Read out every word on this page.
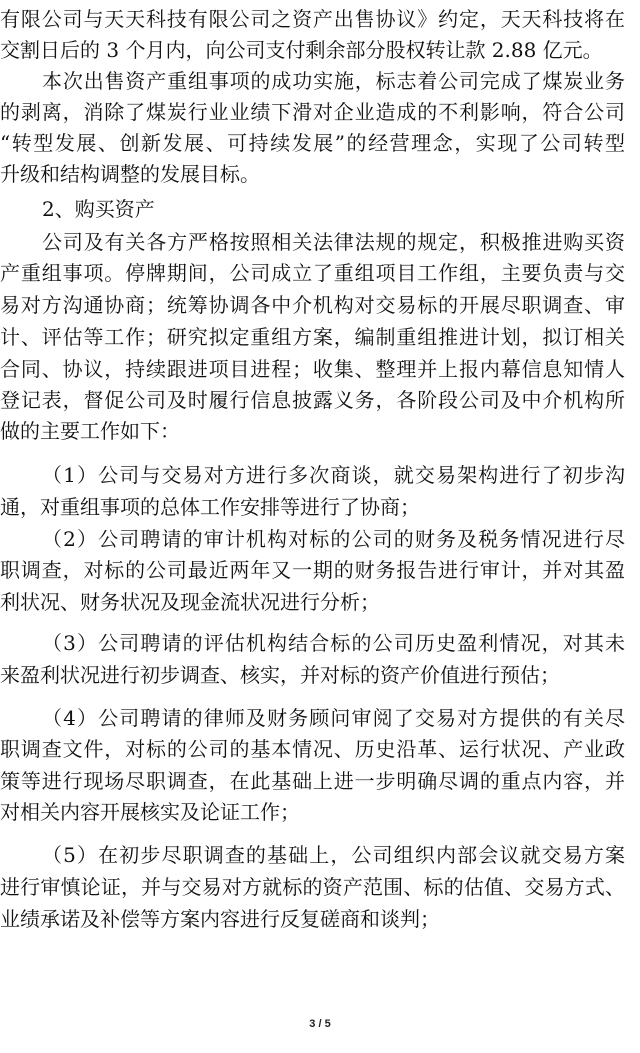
有限公司与天天科技有限公司之资产出售协议》约定，天天科技将在
交割日后的 3 个月内，向公司支付剩余部分股权转让款 2.88 亿元。
本次出售资产重组事项的成功实施，标志着公司完成了煤炭业务
的剥离，消除了煤炭行业业绩下滑对企业造成的不利影响，符合公司
“转型发展、创新发展、可持续发展”的经营理念，实现了公司转型
升级和结构调整的发展目标。
2、购买资产
公司及有关各方严格按照相关法律法规的规定，积极推进购买资
产重组事项。停牌期间，公司成立了重组项目工作组，主要负责与交
易对方沟通协商；统筹协调各中介机构对交易标的开展尽职调查、审
计、评估等工作；研究拟定重组方案，编制重组推进计划，拟订相关
合同、协议，持续跟进项目进程；收集、整理并上报内幕信息知情人
登记表，督促公司及时履行信息披露义务，各阶段公司及中介机构所
做的主要工作如下：
（1）公司与交易对方进行多次商谈，就交易架构进行了初步沟
通，对重组事项的总体工作安排等进行了协商；
（2）公司聘请的审计机构对标的公司的财务及税务情况进行尽
职调查，对标的公司最近两年又一期的财务报告进行审计，并对其盈
利状况、财务状况及现金流状况进行分析；
（3）公司聘请的评估机构结合标的公司历史盈利情况，对其未
来盈利状况进行初步调查、核实，并对标的资产价值进行预估；
（4）公司聘请的律师及财务顾问审阅了交易对方提供的有关尽
职调查文件，对标的公司的基本情况、历史沿革、运行状况、产业政
策等进行现场尽职调查，在此基础上进一步明确尽调的重点内容，并
对相关内容开展核实及论证工作；
（5）在初步尽职调查的基础上，公司组织内部会议就交易方案
进行审慎论证，并与交易对方就标的资产范围、标的估值、交易方式、
业绩承诺及补偿等方案内容进行反复磋商和谈判；
3 / 5
